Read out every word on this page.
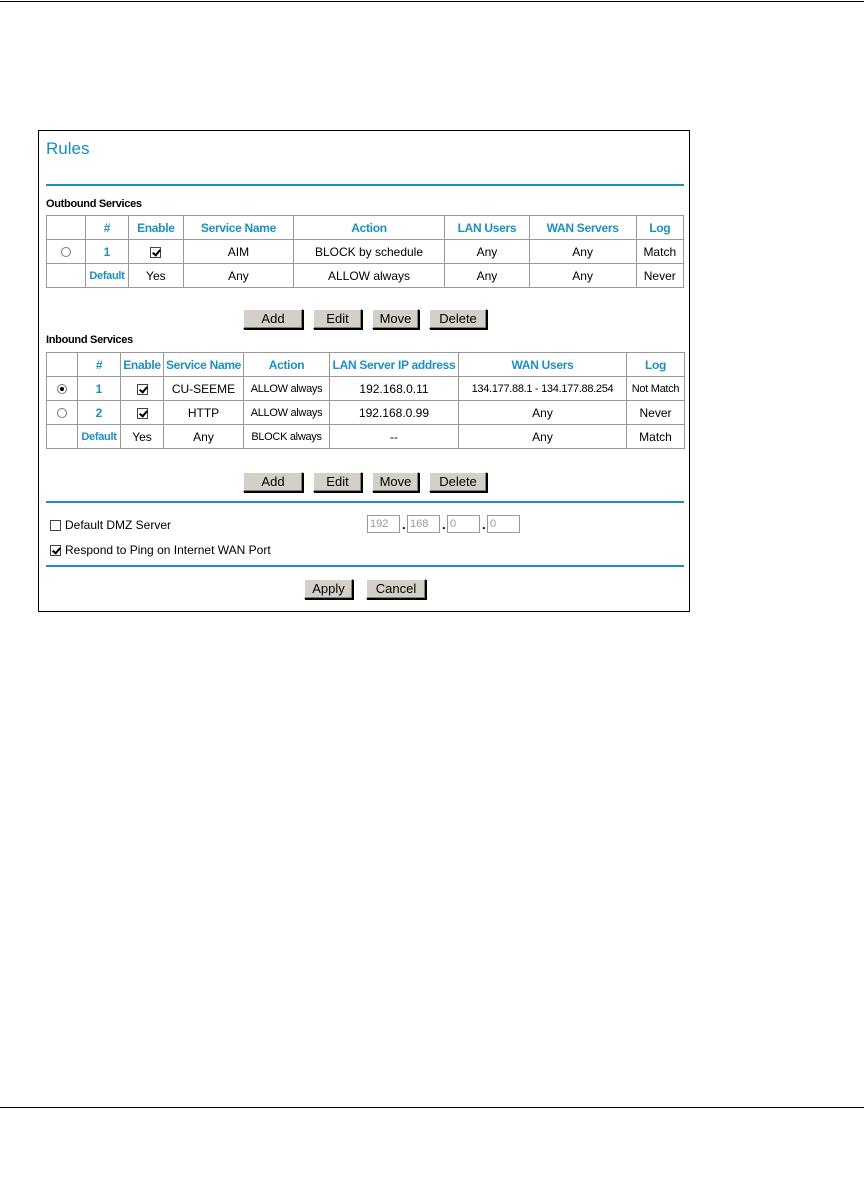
Rules
Outbound Services
	#	Enable	Service Name	Action	LAN Users	WAN Servers	Log
	1		AIM	BLOCK by schedule	Any	Any	Match
	Default	Yes	Any	ALLOW always	Any	Any	Never
Add	Edit	Move	Delete
Inbound Services
	#	Enable	Service Name	Action	LAN Server IP address	WAN Users	Log
	1		CU-SEEME	ALLOW always	192.168.0.11	134.177.88.1 - 134.177.88.254	Not Match
	2		HTTP	ALLOW always	192.168.0.99	Any	Never
	Default	Yes	Any	BLOCK always	--	Any	Match
Add	Edit	Move	Delete
Default DMZ Server
192	.
168	.
0	.
0
Respond to Ping on Internet WAN Port
Apply	Cancel
